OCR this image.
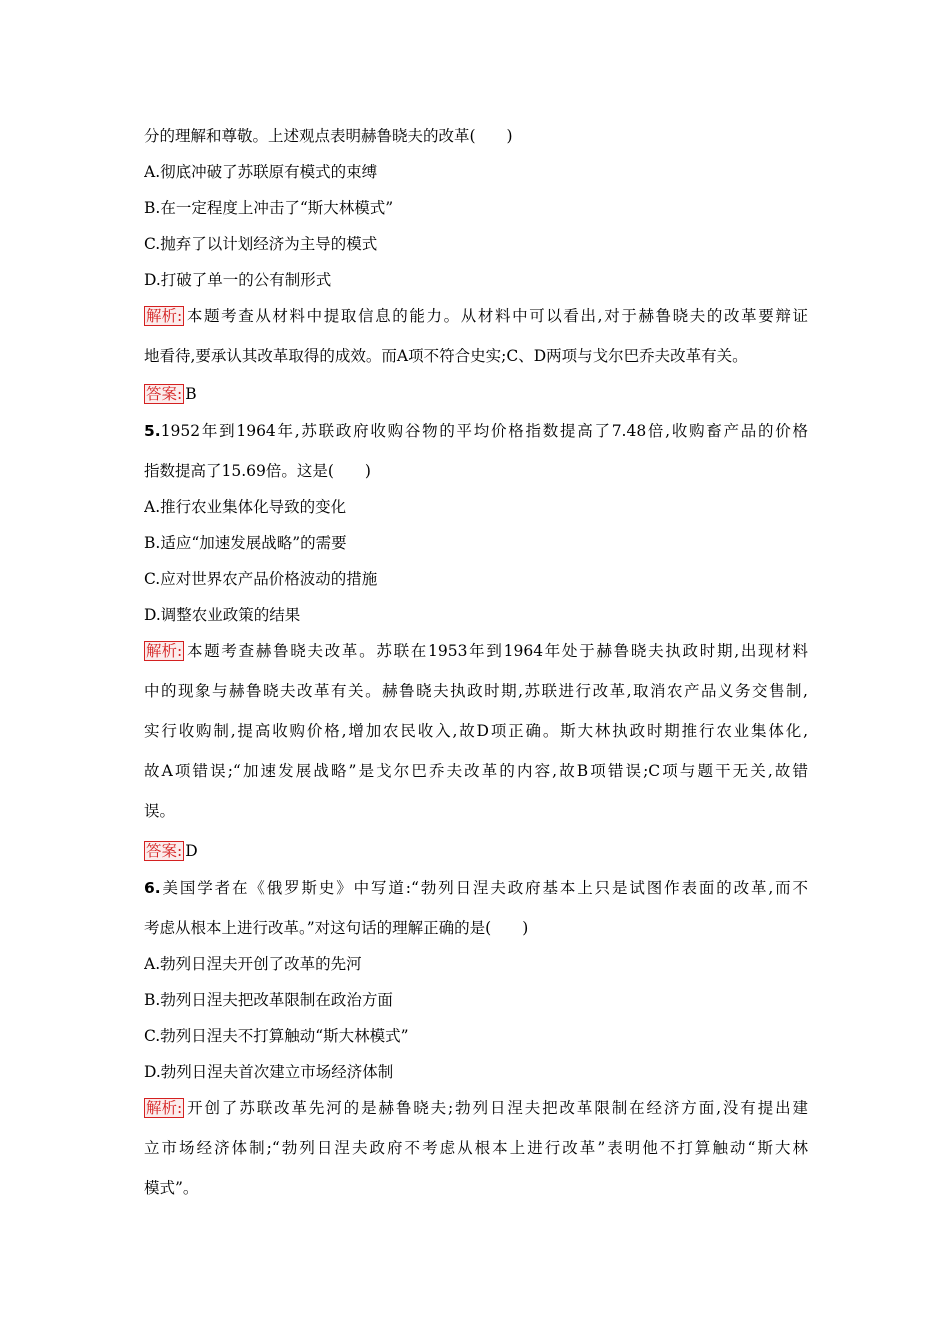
分的理解和尊敬。上述观点表明赫鲁晓夫的改革(　　)
A.彻底冲破了苏联原有模式的束缚
B.在一定程度上冲击了“斯大林模式”
C.抛弃了以计划经济为主导的模式
D.打破了单一的公有制形式
解析: 本题考查从材料中提取信息的能力。从材料中可以看出,对于赫鲁晓夫的改革要辩证
地看待,要承认其改革取得的成效。而A项不符合史实;C、D两项与戈尔巴乔夫改革有关。
答案: B
5.1952年到1964年,苏联政府收购谷物的平均价格指数提高了7.48倍,收购畜产品的价格
指数提高了15.69倍。这是(　　)
A.推行农业集体化导致的变化
B.适应“加速发展战略”的需要
C.应对世界农产品价格波动的措施
D.调整农业政策的结果
解析: 本题考查赫鲁晓夫改革。苏联在1953年到1964年处于赫鲁晓夫执政时期,出现材料
中的现象与赫鲁晓夫改革有关。赫鲁晓夫执政时期,苏联进行改革,取消农产品义务交售制,
实行收购制,提高收购价格,增加农民收入,故D项正确。斯大林执政时期推行农业集体化,
故A项错误;“加速发展战略”是戈尔巴乔夫改革的内容,故B项错误;C项与题干无关,故错
误。
答案: D
6.美国学者在《俄罗斯史》中写道:“勃列日涅夫政府基本上只是试图作表面的改革,而不
考虑从根本上进行改革。”对这句话的理解正确的是(　　)
A.勃列日涅夫开创了改革的先河
B.勃列日涅夫把改革限制在政治方面
C.勃列日涅夫不打算触动“斯大林模式”
D.勃列日涅夫首次建立市场经济体制
解析: 开创了苏联改革先河的是赫鲁晓夫;勃列日涅夫把改革限制在经济方面,没有提出建
立市场经济体制;“勃列日涅夫政府不考虑从根本上进行改革”表明他不打算触动“斯大林
模式”。
